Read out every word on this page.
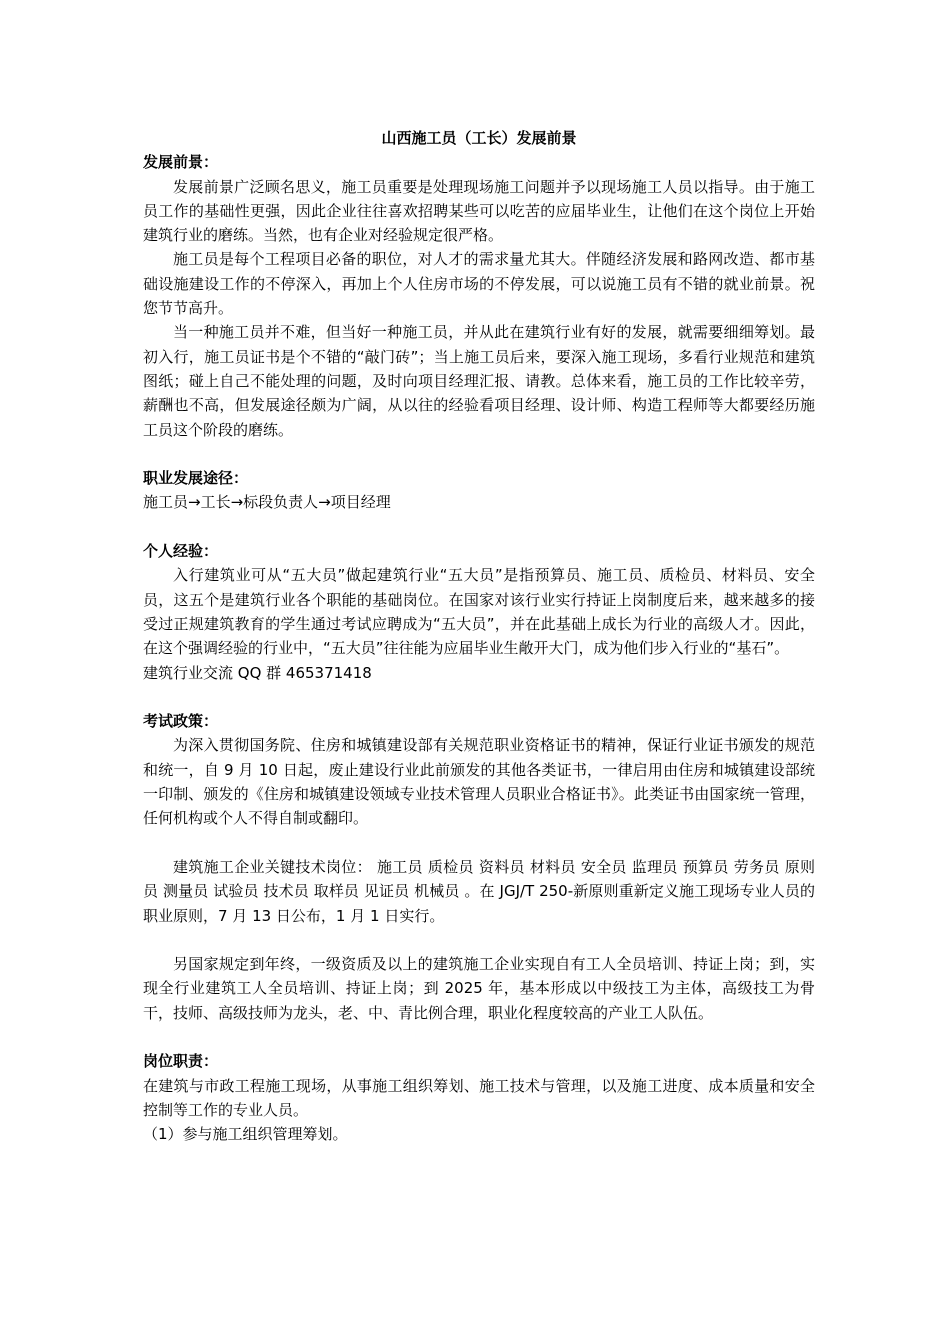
山西施工员（工长）发展前景

发展前景：

发展前景广泛顾名思义，施工员重要是处理现场施工问题并予以现场施工人员以指导。由于施工员工作的基础性更强，因此企业往往喜欢招聘某些可以吃苦的应届毕业生，让他们在这个岗位上开始建筑行业的磨练。当然，也有企业对经验规定很严格。

施工员是每个工程项目必备的职位，对人才的需求量尤其大。伴随经济发展和路网改造、都市基础设施建设工作的不停深入，再加上个人住房市场的不停发展，可以说施工员有不错的就业前景。祝您节节高升。

当一种施工员并不难，但当好一种施工员，并从此在建筑行业有好的发展，就需要细细筹划。最初入行，施工员证书是个不错的“敲门砖”；当上施工员后来，要深入施工现场，多看行业规范和建筑图纸；碰上自己不能处理的问题，及时向项目经理汇报、请教。总体来看，施工员的工作比较辛劳，薪酬也不高，但发展途径颇为广阔，从以往的经验看项目经理、设计师、构造工程师等大都要经历施工员这个阶段的磨练。

职业发展途径：

施工员→工长→标段负责人→项目经理

个人经验：

入行建筑业可从“五大员”做起建筑行业“五大员”是指预算员、施工员、质检员、材料员、安全员，这五个是建筑行业各个职能的基础岗位。在国家对该行业实行持证上岗制度后来，越来越多的接受过正规建筑教育的学生通过考试应聘成为“五大员”，并在此基础上成长为行业的高级人才。因此，在这个强调经验的行业中，“五大员”往往能为应届毕业生敞开大门，成为他们步入行业的“基石”。

建筑行业交流 QQ 群 465371418

考试政策：

为深入贯彻国务院、住房和城镇建设部有关规范职业资格证书的精神，保证行业证书颁发的规范和统一，自 9 月 10 日起，废止建设行业此前颁发的其他各类证书，一律启用由住房和城镇建设部统一印制、颁发的《住房和城镇建设领域专业技术管理人员职业合格证书》。此类证书由国家统一管理，任何机构或个人不得自制或翻印。

建筑施工企业关键技术岗位： 施工员 质检员 资料员 材料员 安全员 监理员 预算员 劳务员 原则员 测量员 试验员 技术员 取样员 见证员 机械员 。在 JGJ/T 250-新原则重新定义施工现场专业人员的职业原则，7 月 13 日公布，1 月 1 日实行。

另国家规定到年终，一级资质及以上的建筑施工企业实现自有工人全员培训、持证上岗；到，实现全行业建筑工人全员培训、持证上岗；到 2025 年，基本形成以中级技工为主体，高级技工为骨干，技师、高级技师为龙头，老、中、青比例合理，职业化程度较高的产业工人队伍。

岗位职责：

在建筑与市政工程施工现场，从事施工组织筹划、施工技术与管理，以及施工进度、成本质量和安全控制等工作的专业人员。

（1）参与施工组织管理筹划。
